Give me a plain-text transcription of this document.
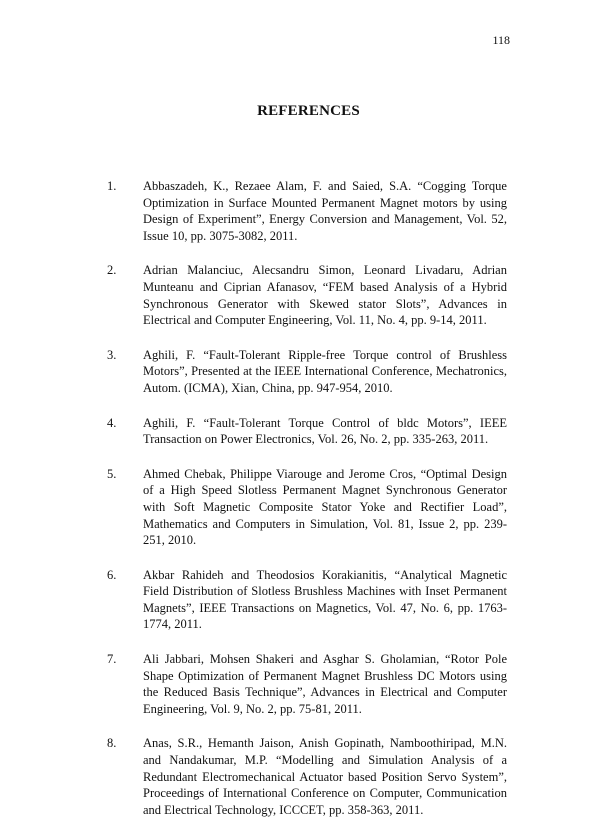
118
REFERENCES
1. Abbaszadeh, K., Rezaee Alam, F. and Saied, S.A. “Cogging Torque Optimization in Surface Mounted Permanent Magnet motors by using Design of Experiment”, Energy Conversion and Management, Vol. 52, Issue 10, pp. 3075-3082, 2011.
2. Adrian Malanciuc, Alecsandru Simon, Leonard Livadaru, Adrian Munteanu and Ciprian Afanasov, “FEM based Analysis of a Hybrid Synchronous Generator with Skewed stator Slots”, Advances in Electrical and Computer Engineering, Vol. 11, No. 4, pp. 9-14, 2011.
3. Aghili, F. “Fault-Tolerant Ripple-free Torque control of Brushless Motors”, Presented at the IEEE International Conference, Mechatronics, Autom. (ICMA), Xian, China, pp. 947-954, 2010.
4. Aghili, F. “Fault-Tolerant Torque Control of bldc Motors”, IEEE Transaction on Power Electronics, Vol. 26, No. 2, pp. 335-263, 2011.
5. Ahmed Chebak, Philippe Viarouge and Jerome Cros, “Optimal Design of a High Speed Slotless Permanent Magnet Synchronous Generator with Soft Magnetic Composite Stator Yoke and Rectifier Load”, Mathematics and Computers in Simulation, Vol. 81, Issue 2, pp. 239-251, 2010.
6. Akbar Rahideh and Theodosios Korakianitis, “Analytical Magnetic Field Distribution of Slotless Brushless Machines with Inset Permanent Magnets”, IEEE Transactions on Magnetics, Vol. 47, No. 6, pp. 1763-1774, 2011.
7. Ali Jabbari, Mohsen Shakeri and Asghar S. Gholamian, “Rotor Pole Shape Optimization of Permanent Magnet Brushless DC Motors using the Reduced Basis Technique”, Advances in Electrical and Computer Engineering, Vol. 9, No. 2, pp. 75-81, 2011.
8. Anas, S.R., Hemanth Jaison, Anish Gopinath, Namboothiripad, M.N. and Nandakumar, M.P. “Modelling and Simulation Analysis of a Redundant Electromechanical Actuator based Position Servo System”, Proceedings of International Conference on Computer, Communication and Electrical Technology, ICCCET, pp. 358-363, 2011.
